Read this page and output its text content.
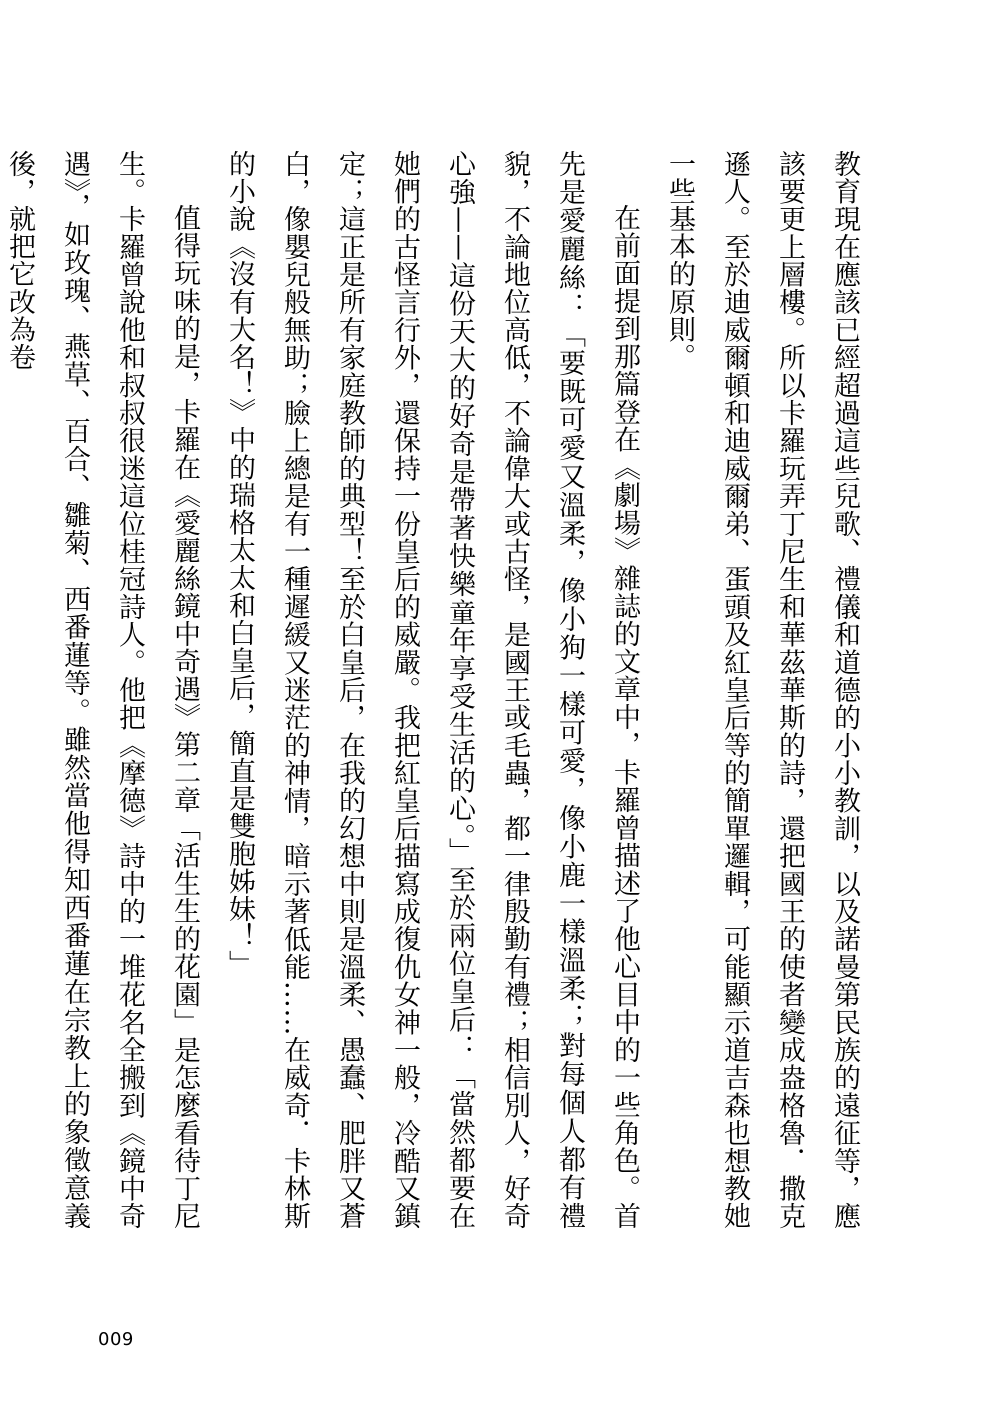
教育現在應該已經超過這些兒歌、禮儀和道德的小小教訓，以及諾曼第民族的遠征等，應該要更上層樓。所以卡羅玩弄丁尼生和華茲華斯的詩，還把國王的使者變成盎格魯．撒克遜人。至於迪威爾頓和迪威爾弟、蛋頭及紅皇后等的簡單邏輯，可能顯示道吉森也想教她一些基本的原則。

在前面提到那篇登在《劇場》雜誌的文章中，卡羅曾描述了他心目中的一些角色。首先是愛麗絲：「要既可愛又溫柔，像小狗一樣可愛，像小鹿一樣溫柔；對每個人都有禮貌，不論地位高低，不論偉大或古怪，是國王或毛蟲，都一律殷勤有禮；相信別人，好奇心強——這份天大的好奇是帶著快樂童年享受生活的心。」至於兩位皇后：「當然都要在她們的古怪言行外，還保持一份皇后的威嚴。我把紅皇后描寫成復仇女神一般，冷酷又鎮定；這正是所有家庭教師的典型！至於白皇后，在我的幻想中則是溫柔、愚蠢、肥胖又蒼白，像嬰兒般無助；臉上總是有一種遲緩又迷茫的神情，暗示著低能……在威奇．卡林斯的小說《沒有大名！》中的瑞格太太和白皇后，簡直是雙胞姊妹！」

值得玩味的是，卡羅在《愛麗絲鏡中奇遇》第二章「活生生的花園」是怎麼看待丁尼生。卡羅曾說他和叔叔很迷這位桂冠詩人。他把《摩德》詩中的一堆花名全搬到《鏡中奇遇》，如玫瑰、燕草、百合、雛菊、西番蓮等。雖然當他得知西番蓮在宗教上的象徵意義後，就把它改為卷

009
